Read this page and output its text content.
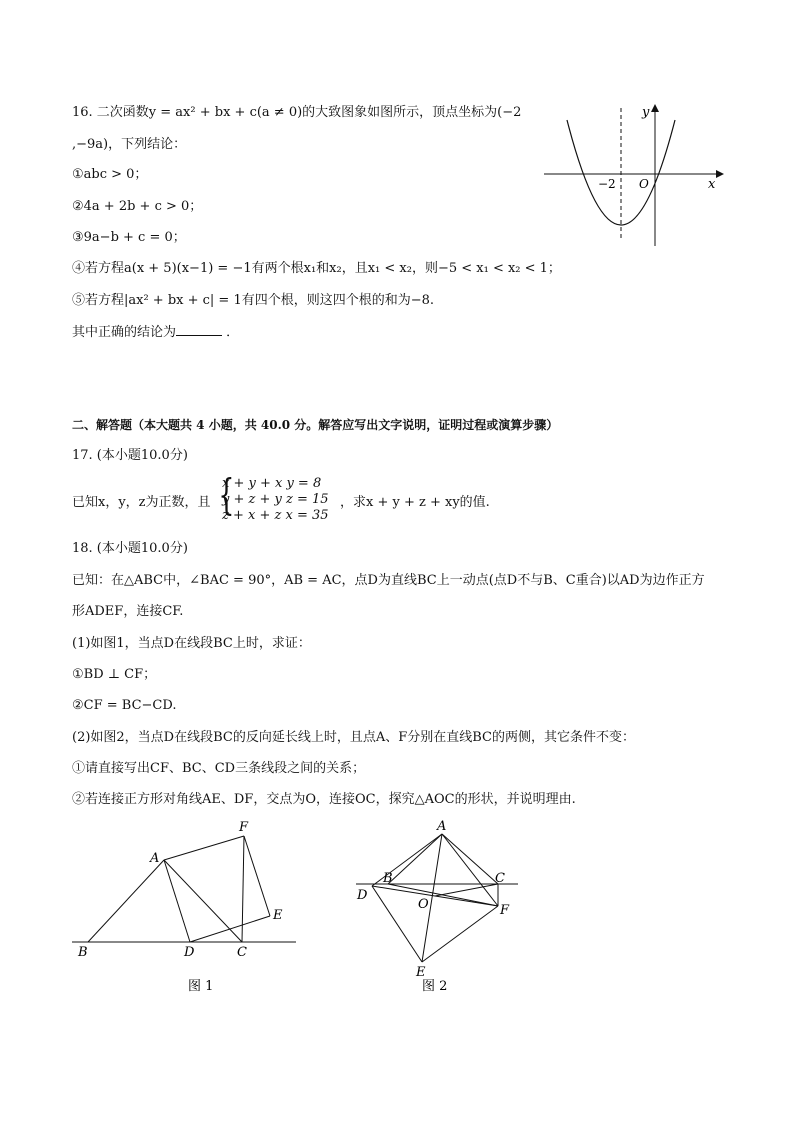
16. 二次函数y = ax² + bx + c(a ≠ 0)的大致图象如图所示，顶点坐标为(−2
,−9a)，下列结论：
①abc > 0；
②4a + 2b + c > 0；
③9a−b + c = 0；
④若方程a(x + 5)(x−1) = −1有两个根x₁和x₂，且x₁ < x₂，则−5 < x₁ < x₂ < 1；
⑤若方程|ax² + bx + c| = 1有四个根，则这四个根的和为−8.
其中正确的结论为	．
y
x
−2 O
二、解答题（本大题共 4 小题，共 40.0 分。解答应写出文字说明，证明过程或演算步骤）
17. (本小题10.0分)
已知x，y，z为正数，且 {
x + y + x y = 8
y + z + y z = 15
z + x + z x = 35
，求x + y + z + xy的值.
18. (本小题10.0分)
已知：在△ABC中，∠BAC = 90°，AB = AC，点D为直线BC上一动点(点D不与B、C重合)以AD为边作正方
形ADEF，连接CF.
(1)如图1，当点D在线段BC上时，求证：
①BD ⊥ CF；
②CF = BC−CD.
(2)如图2，当点D在线段BC的反向延长线上时，且点A、F分别在直线BC的两侧，其它条件不变：
①请直接写出CF、BC、CD三条线段之间的关系；
②若连接正方形对角线AE、DF，交点为O，连接OC，探究△AOC的形状，并说明理由.
A
B	C
D
E
F
图 1
A
B	C
D
E
F
O
图 2
